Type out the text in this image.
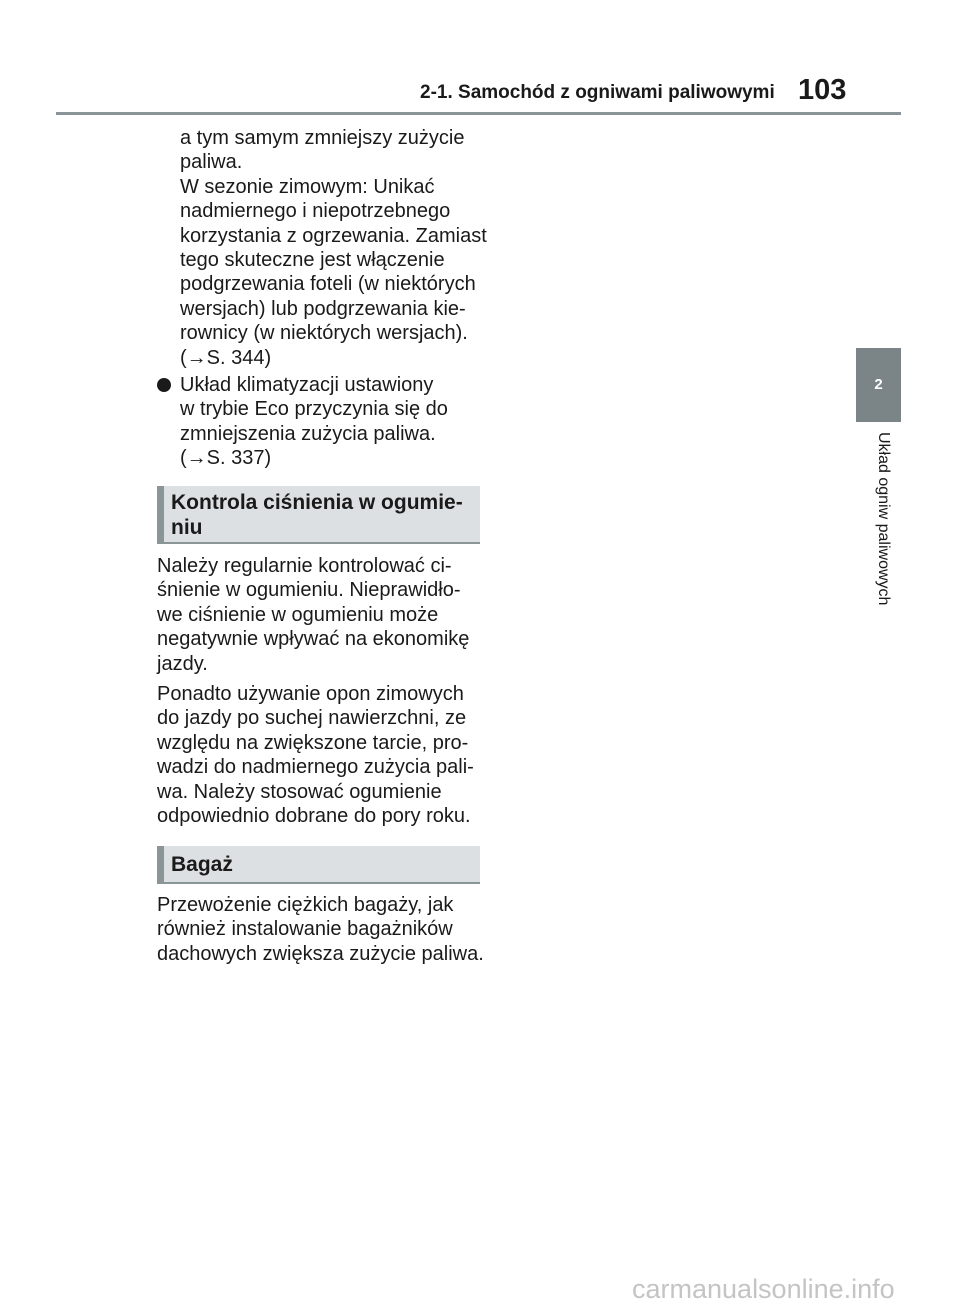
2-1. Samochód z ogniwami paliwowymi 103
2
Układ ogniw paliwowych
a tym samym zmniejszy zużycie
paliwa.
W sezonie zimowym: Unikać
nadmiernego i niepotrzebnego
korzystania z ogrzewania. Zamiast
tego skuteczne jest włączenie
podgrzewania foteli (w niektórych
wersjach) lub podgrzewania kie-
rownicy (w niektórych wersjach).
(→S. 344)
Układ klimatyzacji ustawiony
w trybie Eco przyczynia się do
zmniejszenia zużycia paliwa.
(→S. 337)
Kontrola ciśnienia w ogumie-
niu
Należy regularnie kontrolować ci-
śnienie w ogumieniu. Nieprawidło-
we ciśnienie w ogumieniu może
negatywnie wpływać na ekonomikę
jazdy.
Ponadto używanie opon zimowych
do jazdy po suchej nawierzchni, ze
względu na zwiększone tarcie, pro-
wadzi do nadmiernego zużycia pali-
wa. Należy stosować ogumienie
odpowiednio dobrane do pory roku.
Bagaż
Przewożenie ciężkich bagaży, jak
również instalowanie bagażników
dachowych zwiększa zużycie paliwa.
carmanualsonline.info
